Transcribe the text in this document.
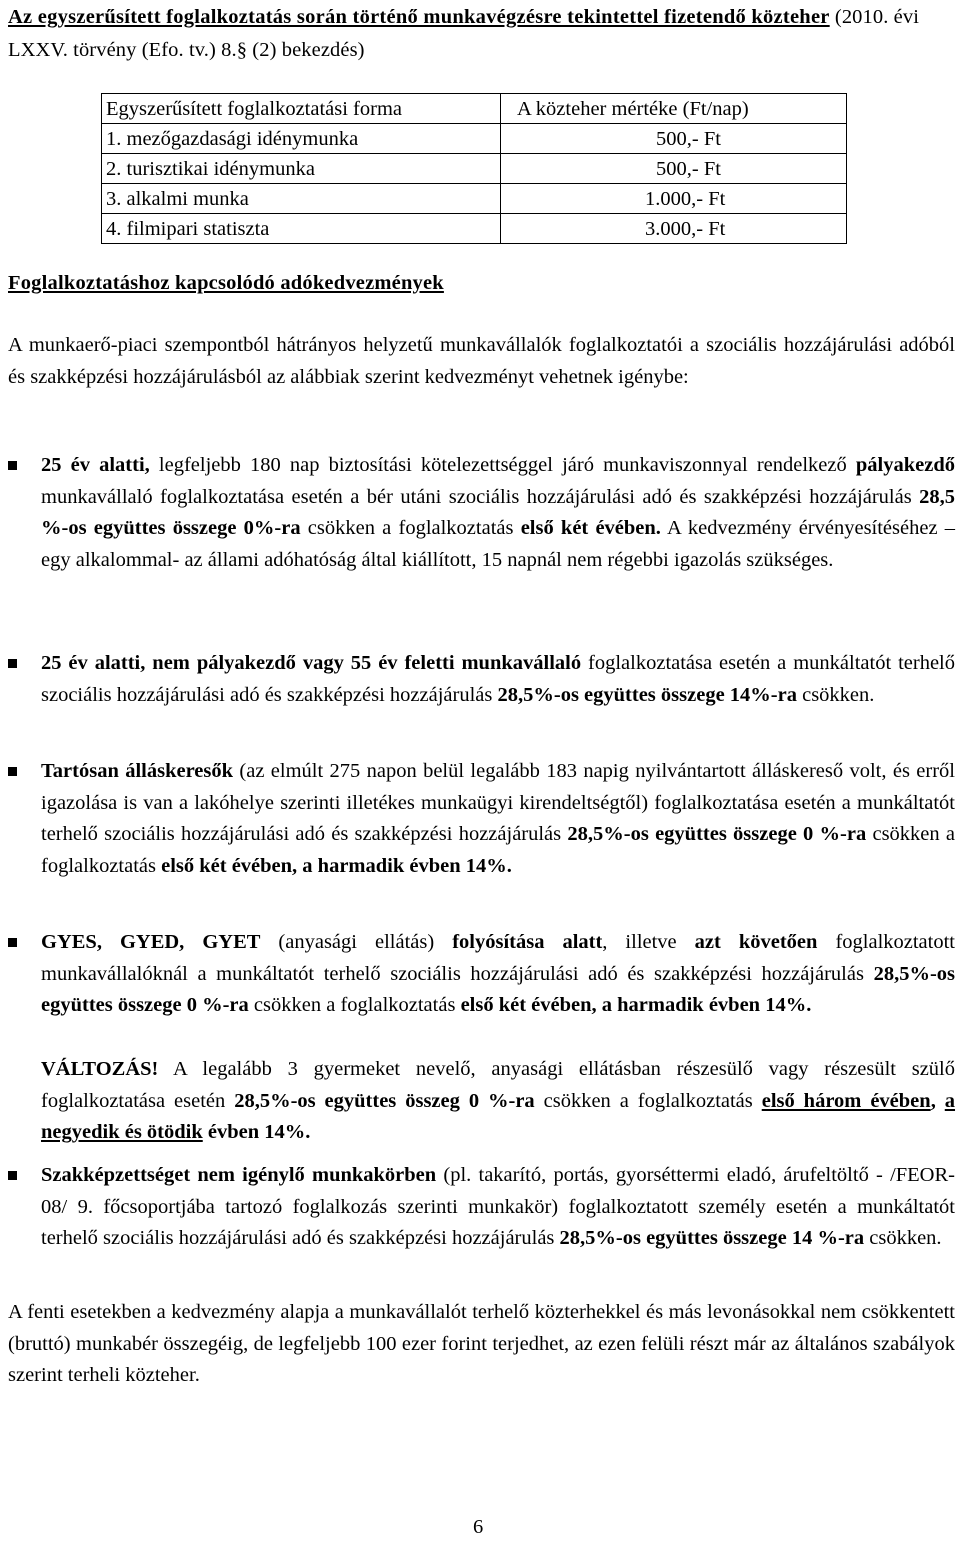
Az egyszerűsített foglalkoztatás során történő munkavégzésre tekintettel fizetendő közteher (2010. évi LXXV. törvény (Efo. tv.) 8.§ (2) bekezdés)
Egyszerűsített foglalkoztatási forma	A közteher mértéke (Ft/nap)
1. mezőgazdasági idénymunka	500,- Ft
2. turisztikai idénymunka	500,- Ft
3. alkalmi munka	1.000,- Ft
4. filmipari statiszta	3.000,- Ft
Foglalkoztatáshoz kapcsolódó adókedvezmények
A munkaerő-piaci szempontból hátrányos helyzetű munkavállalók foglalkoztatói a szociális hozzájárulási adóból és szakképzési hozzájárulásból az alábbiak szerint kedvezményt vehetnek igénybe:
25 év alatti, legfeljebb 180 nap biztosítási kötelezettséggel járó munkaviszonnyal rendelkező pályakezdő munkavállaló foglalkoztatása esetén a bér utáni szociális hozzájárulási adó és szakképzési hozzájárulás 28,5 %-os együttes összege 0%-ra csökken a foglalkoztatás első két évében. A kedvezmény érvényesítéséhez – egy alkalommal- az állami adóhatóság által kiállított, 15 napnál nem régebbi igazolás szükséges.
25 év alatti, nem pályakezdő vagy 55 év feletti munkavállaló foglalkoztatása esetén a munkáltatót terhelő szociális hozzájárulási adó és szakképzési hozzájárulás 28,5%-os együttes összege 14%-ra csökken.
Tartósan álláskeresők (az elmúlt 275 napon belül legalább 183 napig nyilvántartott álláskereső volt, és erről igazolása is van a lakóhelye szerinti illetékes munkaügyi kirendeltségtől) foglalkoztatása esetén a munkáltatót terhelő szociális hozzájárulási adó és szakképzési hozzájárulás 28,5%-os együttes összege 0 %-ra csökken a foglalkoztatás első két évében, a harmadik évben 14%.
GYES, GYED, GYET (anyasági ellátás) folyósítása alatt, illetve azt követően foglalkoztatott munkavállalóknál a munkáltatót terhelő szociális hozzájárulási adó és szakképzési hozzájárulás 28,5%-os együttes összege 0 %-ra csökken a foglalkoztatás első két évében, a harmadik évben 14%.
VÁLTOZÁS! A legalább 3 gyermeket nevelő, anyasági ellátásban részesülő vagy részesült szülő foglalkoztatása esetén 28,5%-os együttes összeg 0 %-ra csökken a foglalkoztatás első három évében, a negyedik és ötödik évben 14%.
Szakképzettséget nem igénylő munkakörben (pl. takarító, portás, gyorséttermi eladó, árufeltöltő - /FEOR-08/ 9. főcsoportjába tartozó foglalkozás szerinti munkakör) foglalkoztatott személy esetén a munkáltatót terhelő szociális hozzájárulási adó és szakképzési hozzájárulás 28,5%-os együttes összege 14 %-ra csökken.
A fenti esetekben a kedvezmény alapja a munkavállalót terhelő közterhekkel és más levonásokkal nem csökkentett (bruttó) munkabér összegéig, de legfeljebb 100 ezer forint terjedhet, az ezen felüli részt már az általános szabályok szerint terheli közteher.
6
